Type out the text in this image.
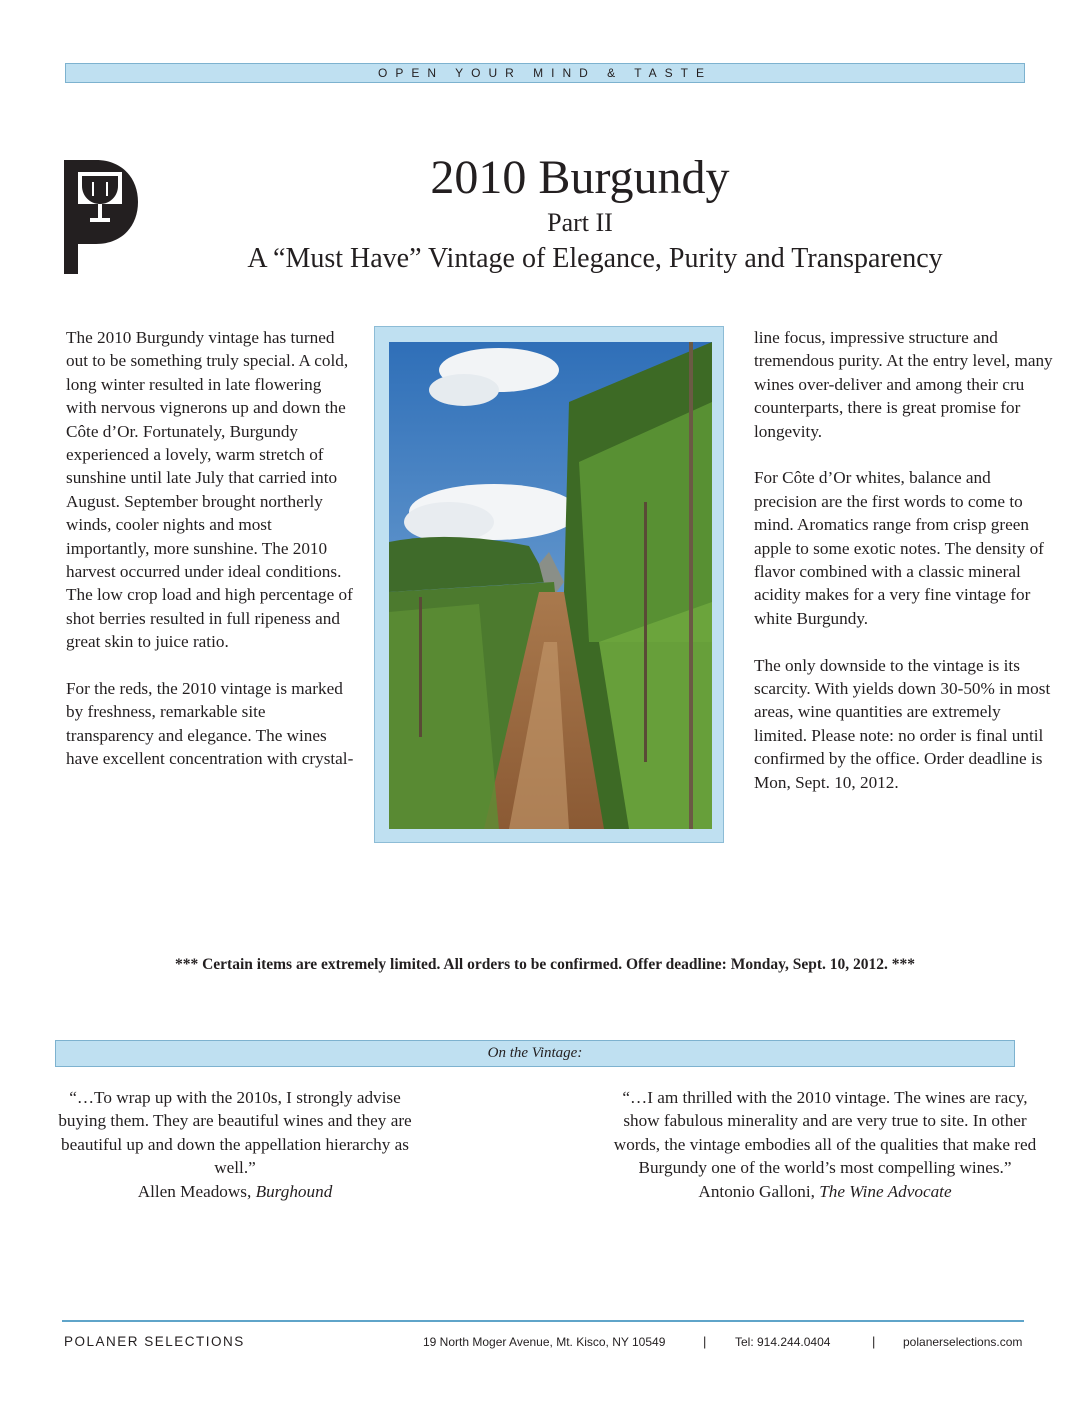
OPEN YOUR MIND & TASTE
2010 Burgundy
Part II
A “Must Have” Vintage of Elegance, Purity and Transparency

The 2010 Burgundy vintage has turned out to be something truly special. A cold, long winter resulted in late flowering with nervous vignerons up and down the Côte d’Or. Fortunately, Burgundy experienced a lovely, warm stretch of sunshine until late July that carried into August. September brought northerly winds, cooler nights and most importantly, more sunshine. The 2010 harvest occurred under ideal conditions. The low crop load and high percentage of shot berries resulted in full ripeness and great skin to juice ratio.

For the reds, the 2010 vintage is marked by freshness, remarkable site transparency and elegance. The wines have excellent concentration with crystal-

line focus, impressive structure and tremendous purity. At the entry level, many wines over-deliver and among their cru counterparts, there is great promise for longevity.

For Côte d’Or whites, balance and precision are the first words to come to mind. Aromatics range from crisp green apple to some exotic notes. The density of flavor combined with a classic mineral acidity makes for a very fine vintage for white Burgundy.

The only downside to the vintage is its scarcity. With yields down 30-50% in most areas, wine quantities are extremely limited. Please note: no order is final until confirmed by the office. Order deadline is Mon, Sept. 10, 2012.

*** Certain items are extremely limited. All orders to be confirmed. Offer deadline: Monday, Sept. 10, 2012. ***
On the Vintage:
“…To wrap up with the 2010s, I strongly advise buying them. They are beautiful wines and they are beautiful up and down the appellation hierarchy as well.”
Allen Meadows, Burghound
“…I am thrilled with the 2010 vintage. The wines are racy, show fabulous minerality and are very true to site. In other words, the vintage embodies all of the qualities that make red Burgundy one of the world’s most compelling wines.”
Antonio Galloni, The Wine Advocate
POLANER SELECTIONS	19 North Moger Avenue, Mt. Kisco, NY 10549	| Tel: 914.244.0404	| polanerselections.com
